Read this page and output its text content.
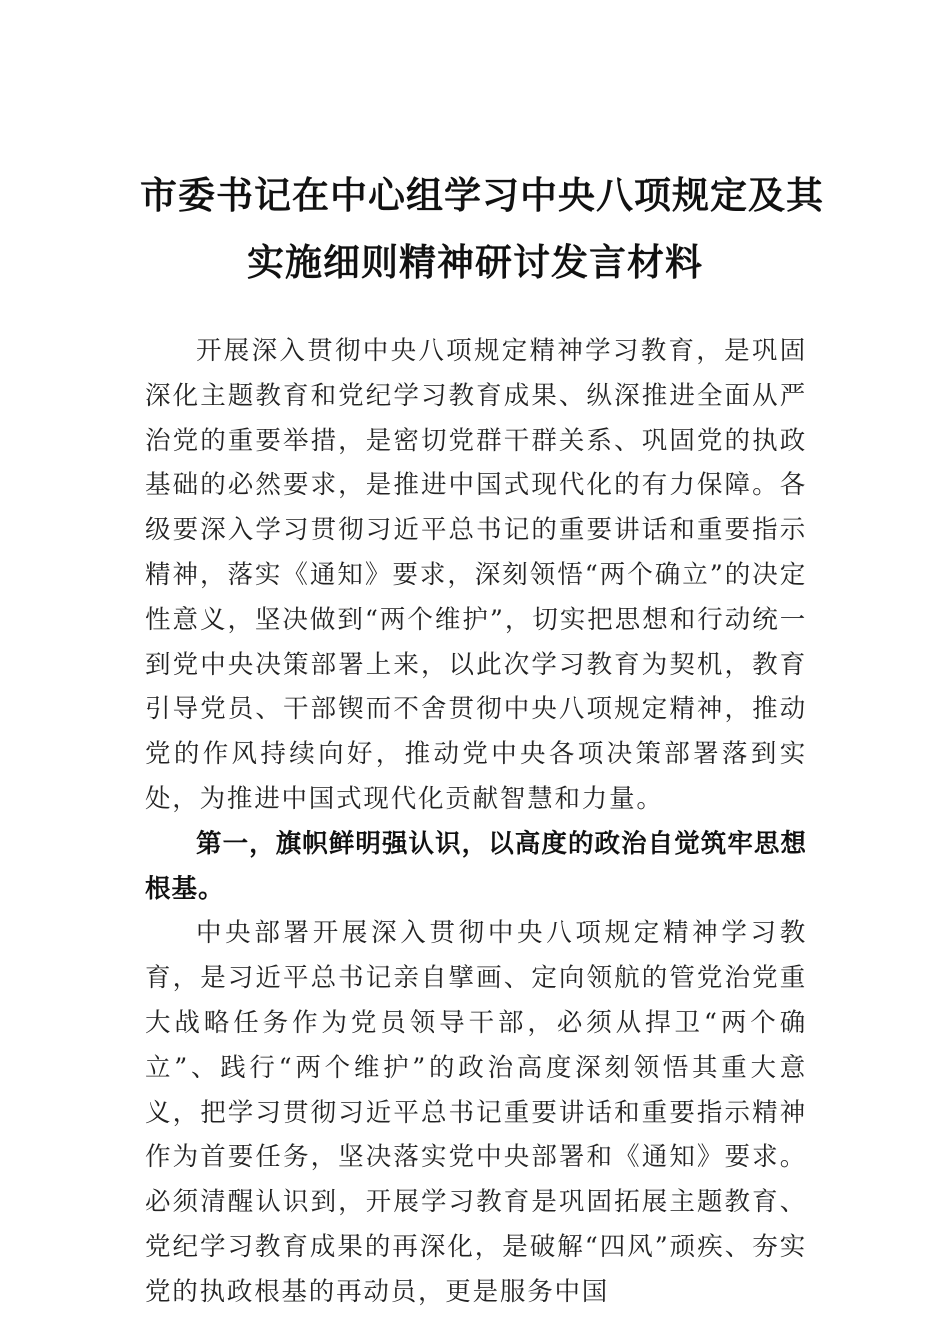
市委书记在中心组学习中央八项规定及其
实施细则精神研讨发言材料

开展深入贯彻中央八项规定精神学习教育，是巩固深化主题教育和党纪学习教育成果、纵深推进全面从严治党的重要举措，是密切党群干群关系、巩固党的执政基础的必然要求，是推进中国式现代化的有力保障。各级要深入学习贯彻习近平总书记的重要讲话和重要指示精神，落实《通知》要求，深刻领悟“两个确立”的决定性意义，坚决做到“两个维护”，切实把思想和行动统一到党中央决策部署上来，以此次学习教育为契机，教育引导党员、干部锲而不舍贯彻中央八项规定精神，推动党的作风持续向好，推动党中央各项决策部署落到实处，为推进中国式现代化贡献智慧和力量。

第一，旗帜鲜明强认识，以高度的政治自觉筑牢思想根基。

中央部署开展深入贯彻中央八项规定精神学习教育，是习近平总书记亲自擘画、定向领航的管党治党重大战略任务作为党员领导干部，必须从捍卫“两个确立”、践行“两个维护”的政治高度深刻领悟其重大意义，把学习贯彻习近平总书记重要讲话和重要指示精神作为首要任务，坚决落实党中央部署和《通知》要求。必须清醒认识到，开展学习教育是巩固拓展主题教育、党纪学习教育成果的再深化，是破解“四风”顽疾、夯实党的执政根基的再动员，更是服务中国
